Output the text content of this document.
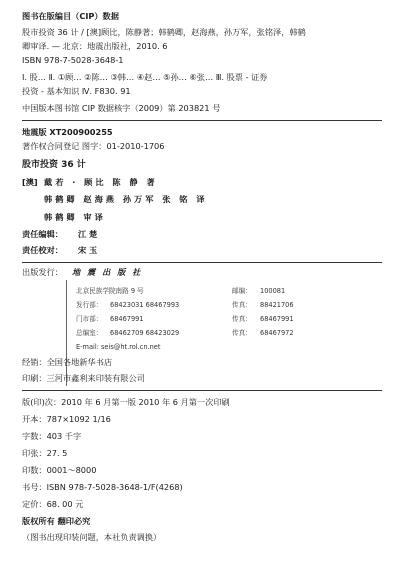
图书在版编目（CIP）数据
股市投资 36 计 / [澳]顾比，陈静著；韩鹤卿，赵海燕，孙万军，张铭泽，韩鹤
卿审译. — 北京：地震出版社，2010. 6
ISBN 978-7-5028-3648-1
Ⅰ. 股… Ⅱ. ①顾… ②陈… ③韩… ④赵… ⑤孙… ⑥张… Ⅲ. 股票 - 证券
投资 - 基本知识 Ⅳ. F830. 91
中国版本图书馆 CIP 数据核字（2009）第 203821 号
地震版 XT200900255
著作权合同登记 图字：01-2010-1706
股市投资 36 计
[澳] 戴若 · 顾比 陈 静 著
韩鹤卿 赵海燕 孙万军 张 铭 译
韩鹤卿 审译
责任编辑： 江 楚
责任校对： 宋 玉
出版发行： 地 震 出 版 社
北京民族学院南路 9 号	邮编： 100081
发行部： 68423031 68467993	传真： 88421706
门市部： 68467991	传真： 68467991
总编室： 68462709 68423029	传真： 68467972
E-mail: seis@ht.rol.cn.net
经销：全国各地新华书店
印刷：三河市鑫利来印装有限公司
版(印)次：2010 年 6 月第一版 2010 年 6 月第一次印刷
开本：787×1092 1/16
字数：403 千字
印张：27. 5
印数：0001～8000
书号：ISBN 978-7-5028-3648-1/F(4268)
定价：68. 00 元
版权所有 翻印必究
（图书出现印装问题，本社负责调换）
